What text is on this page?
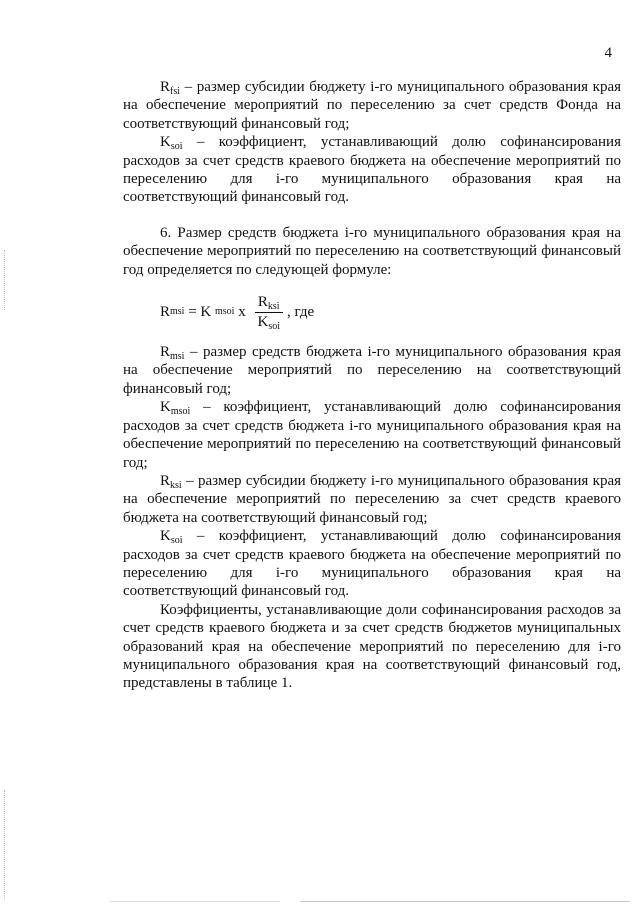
4

$R_{fsi}$ – размер субсидии бюджету i-го муниципального образования края на обеспечение мероприятий по переселению за счет средств Фонда на соответствующий финансовый год;

$K_{soi}$ – коэффициент, устанавливающий долю софинансирования расходов за счет средств краевого бюджета на обеспечение мероприятий по переселению для i-го муниципального образования края на соответствующий финансовый год.

6. Размер средств бюджета i-го муниципального образования края на обеспечение мероприятий по переселению на соответствующий финансовый год определяется по следующей формуле:

R msi = K msoi x $\frac{R_{ksi}}{K_{soi}}$ , где

$R_{msi}$ – размер средств бюджета i-го муниципального образования края на обеспечение мероприятий по переселению на соответствующий финансовый год;

$K_{msoi}$ – коэффициент, устанавливающий долю софинансирования расходов за счет средств бюджета i-го муниципального образования края на обеспечение мероприятий по переселению на соответствующий финансовый год;

$R_{ksi}$ – размер субсидии бюджету i-го муниципального образования края на обеспечение мероприятий по переселению за счет средств краевого бюджета на соответствующий финансовый год;

$K_{soi}$ – коэффициент, устанавливающий долю софинансирования расходов за счет средств краевого бюджета на обеспечение мероприятий по переселению для i-го муниципального образования края на соответствующий финансовый год.

Коэффициенты, устанавливающие доли софинансирования расходов за счет средств краевого бюджета и за счет средств бюджетов муниципальных образований края на обеспечение мероприятий по переселению для i-го муниципального образования края на соответствующий финансовый год, представлены в таблице 1.
